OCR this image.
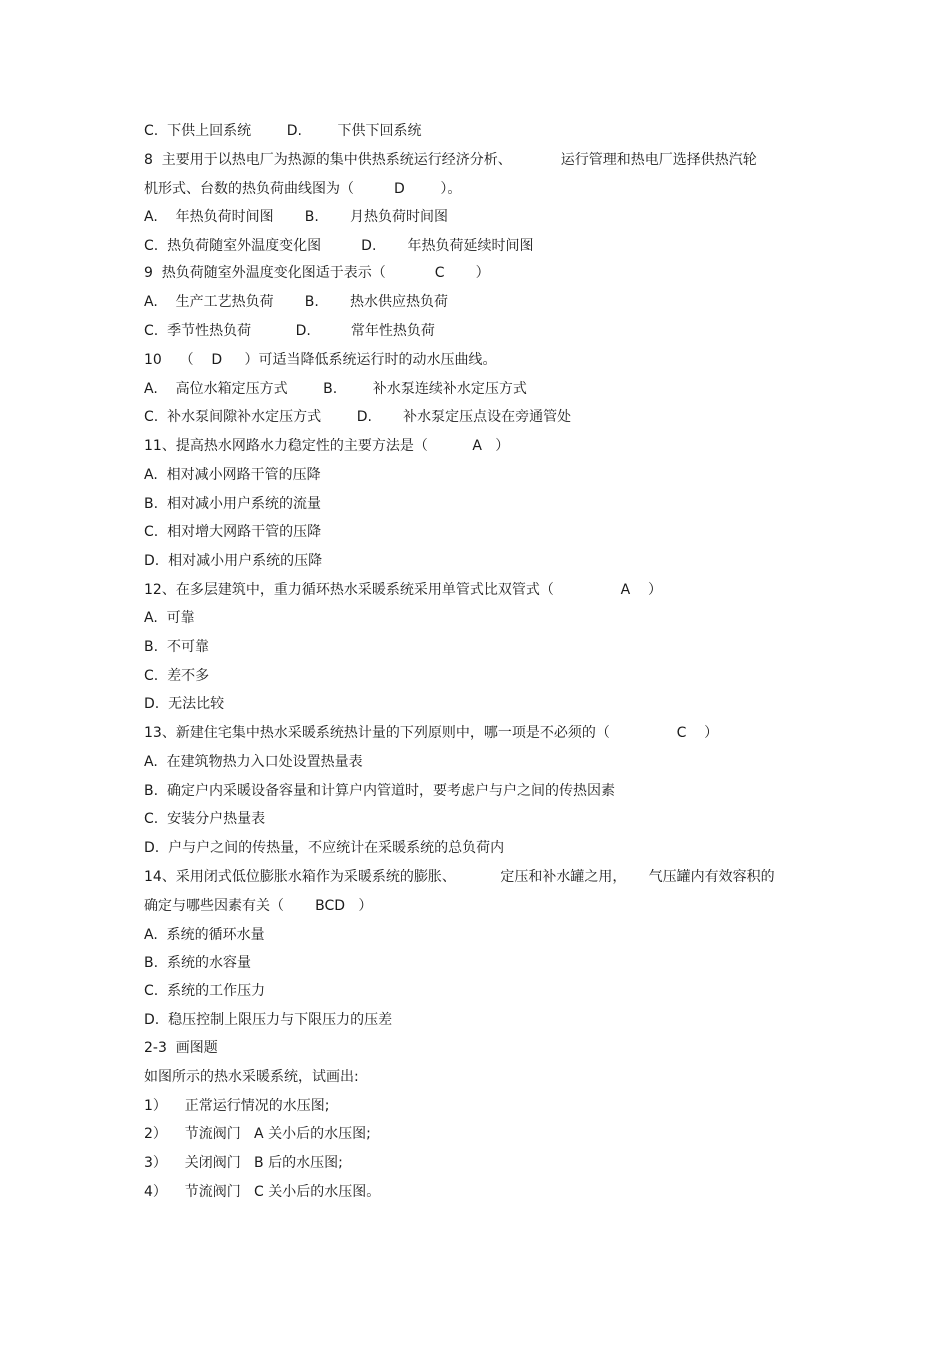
C.  下供上回系统        D.        下供下回系统
8  主要用于以热电厂为热源的集中供热系统运行经济分析、           运行管理和热电厂选择供热汽轮
机形式、台数的热负荷曲线图为（         D        ）。
A.    年热负荷时间图       B.       月热负荷时间图
C.  热负荷随室外温度变化图         D.       年热负荷延续时间图
9  热负荷随室外温度变化图适于表示（           C       ）
A.    生产工艺热负荷       B.       热水供应热负荷
C.  季节性热负荷          D.         常年性热负荷
10    （    D     ）可适当降低系统运行时的动水压曲线。
A.    高位水箱定压方式        B.        补水泵连续补水定压方式
C.  补水泵间隙补水定压方式        D.       补水泵定压点设在旁通管处
11、提高热水网路水力稳定性的主要方法是（          A   ）
A.  相对减小网路干管的压降
B.  相对减小用户系统的流量
C.  相对增大网路干管的压降
D.  相对减小用户系统的压降
12、在多层建筑中，重力循环热水采暖系统采用单管式比双管式（               A    ）
A.  可靠
B.  不可靠
C.  差不多
D.  无法比较
13、新建住宅集中热水采暖系统热计量的下列原则中，哪一项是不必须的（               C    ）
A.  在建筑物热力入口处设置热量表
B.  确定户内采暖设备容量和计算户内管道时，要考虑户与户之间的传热因素
C.  安装分户热量表
D.  户与户之间的传热量，不应统计在采暖系统的总负荷内
14、采用闭式低位膨胀水箱作为采暖系统的膨胀、          定压和补水罐之用，     气压罐内有效容积的
确定与哪些因素有关（       BCD   ）
A.  系统的循环水量
B.  系统的水容量
C.  系统的工作压力
D.  稳压控制上限压力与下限压力的压差
2-3  画图题
如图所示的热水采暖系统，试画出:
1）    正常运行情况的水压图;
2）    节流阀门   A 关小后的水压图;
3）    关闭阀门   B 后的水压图;
4）    节流阀门   C 关小后的水压图。
